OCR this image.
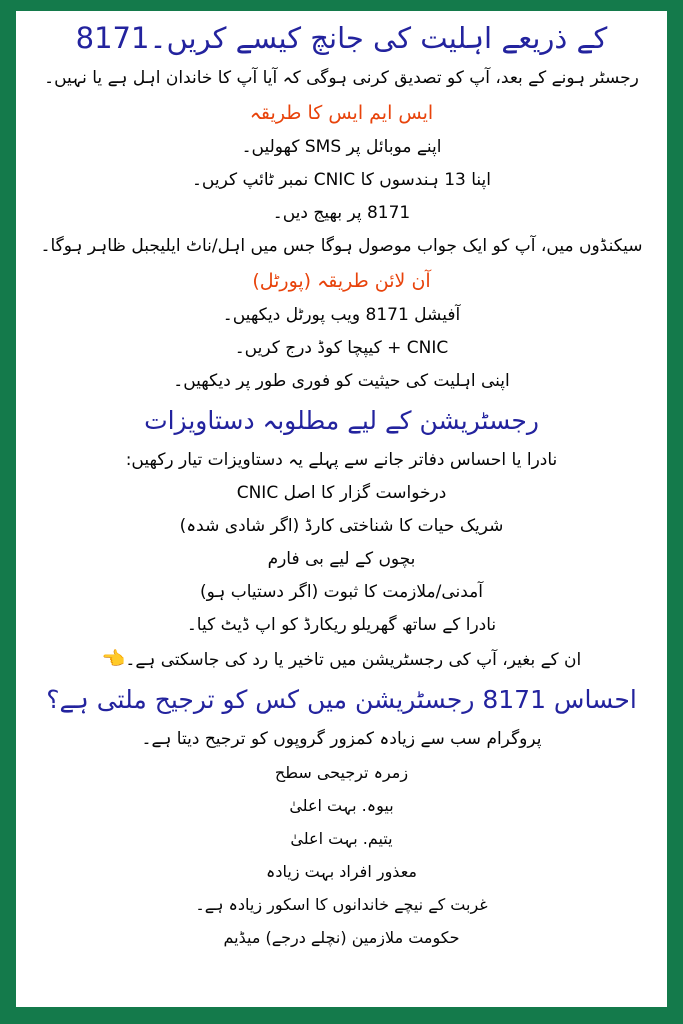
کے ذریعے اہلیت کی جانچ کیسے کریں۔8171

رجسٹر ہونے کے بعد، آپ کو تصدیق کرنی ہوگی کہ آیا آپ کا خاندان اہل ہے یا نہیں۔

ایس ایم ایس کا طریقہ

اپنے موبائل پر SMS کھولیں۔

اپنا 13 ہندسوں کا CNIC نمبر ٹائپ کریں۔

8171 پر بھیج دیں۔

سیکنڈوں میں، آپ کو ایک جواب موصول ہوگا جس میں اہل/ناٹ ایلیجبل ظاہر ہوگا۔

آن لائن طریقہ (پورٹل)

آفیشل 8171 ویب پورٹل دیکھیں۔

CNIC + کیپچا کوڈ درج کریں۔

اپنی اہلیت کی حیثیت کو فوری طور پر دیکھیں۔

رجسٹریشن کے لیے مطلوبہ دستاویزات

نادرا یا احساس دفاتر جانے سے پہلے یہ دستاویزات تیار رکھیں:

درخواست گزار کا اصل CNIC

شریک حیات کا شناختی کارڈ (اگر شادی شدہ)

بچوں کے لیے بی فارم

آمدنی/ملازمت کا ثبوت (اگر دستیاب ہو)

نادرا کے ساتھ گھریلو ریکارڈ کو اپ ڈیٹ کیا۔

ان کے بغیر، آپ کی رجسٹریشن میں تاخیر یا رد کی جاسکتی ہے۔👈

احساس 8171 رجسٹریشن میں کس کو ترجیح ملتی ہے؟

پروگرام سب سے زیادہ کمزور گروپوں کو ترجیح دیتا ہے۔

زمرہ ترجیحی سطح

بیوہ. بہت اعلیٰ

یتیم. بہت اعلیٰ

معذور افراد بہت زیادہ

غربت کے نیچے خاندانوں کا اسکور زیادہ ہے۔

حکومت ملازمین (نچلے درجے) میڈیم
